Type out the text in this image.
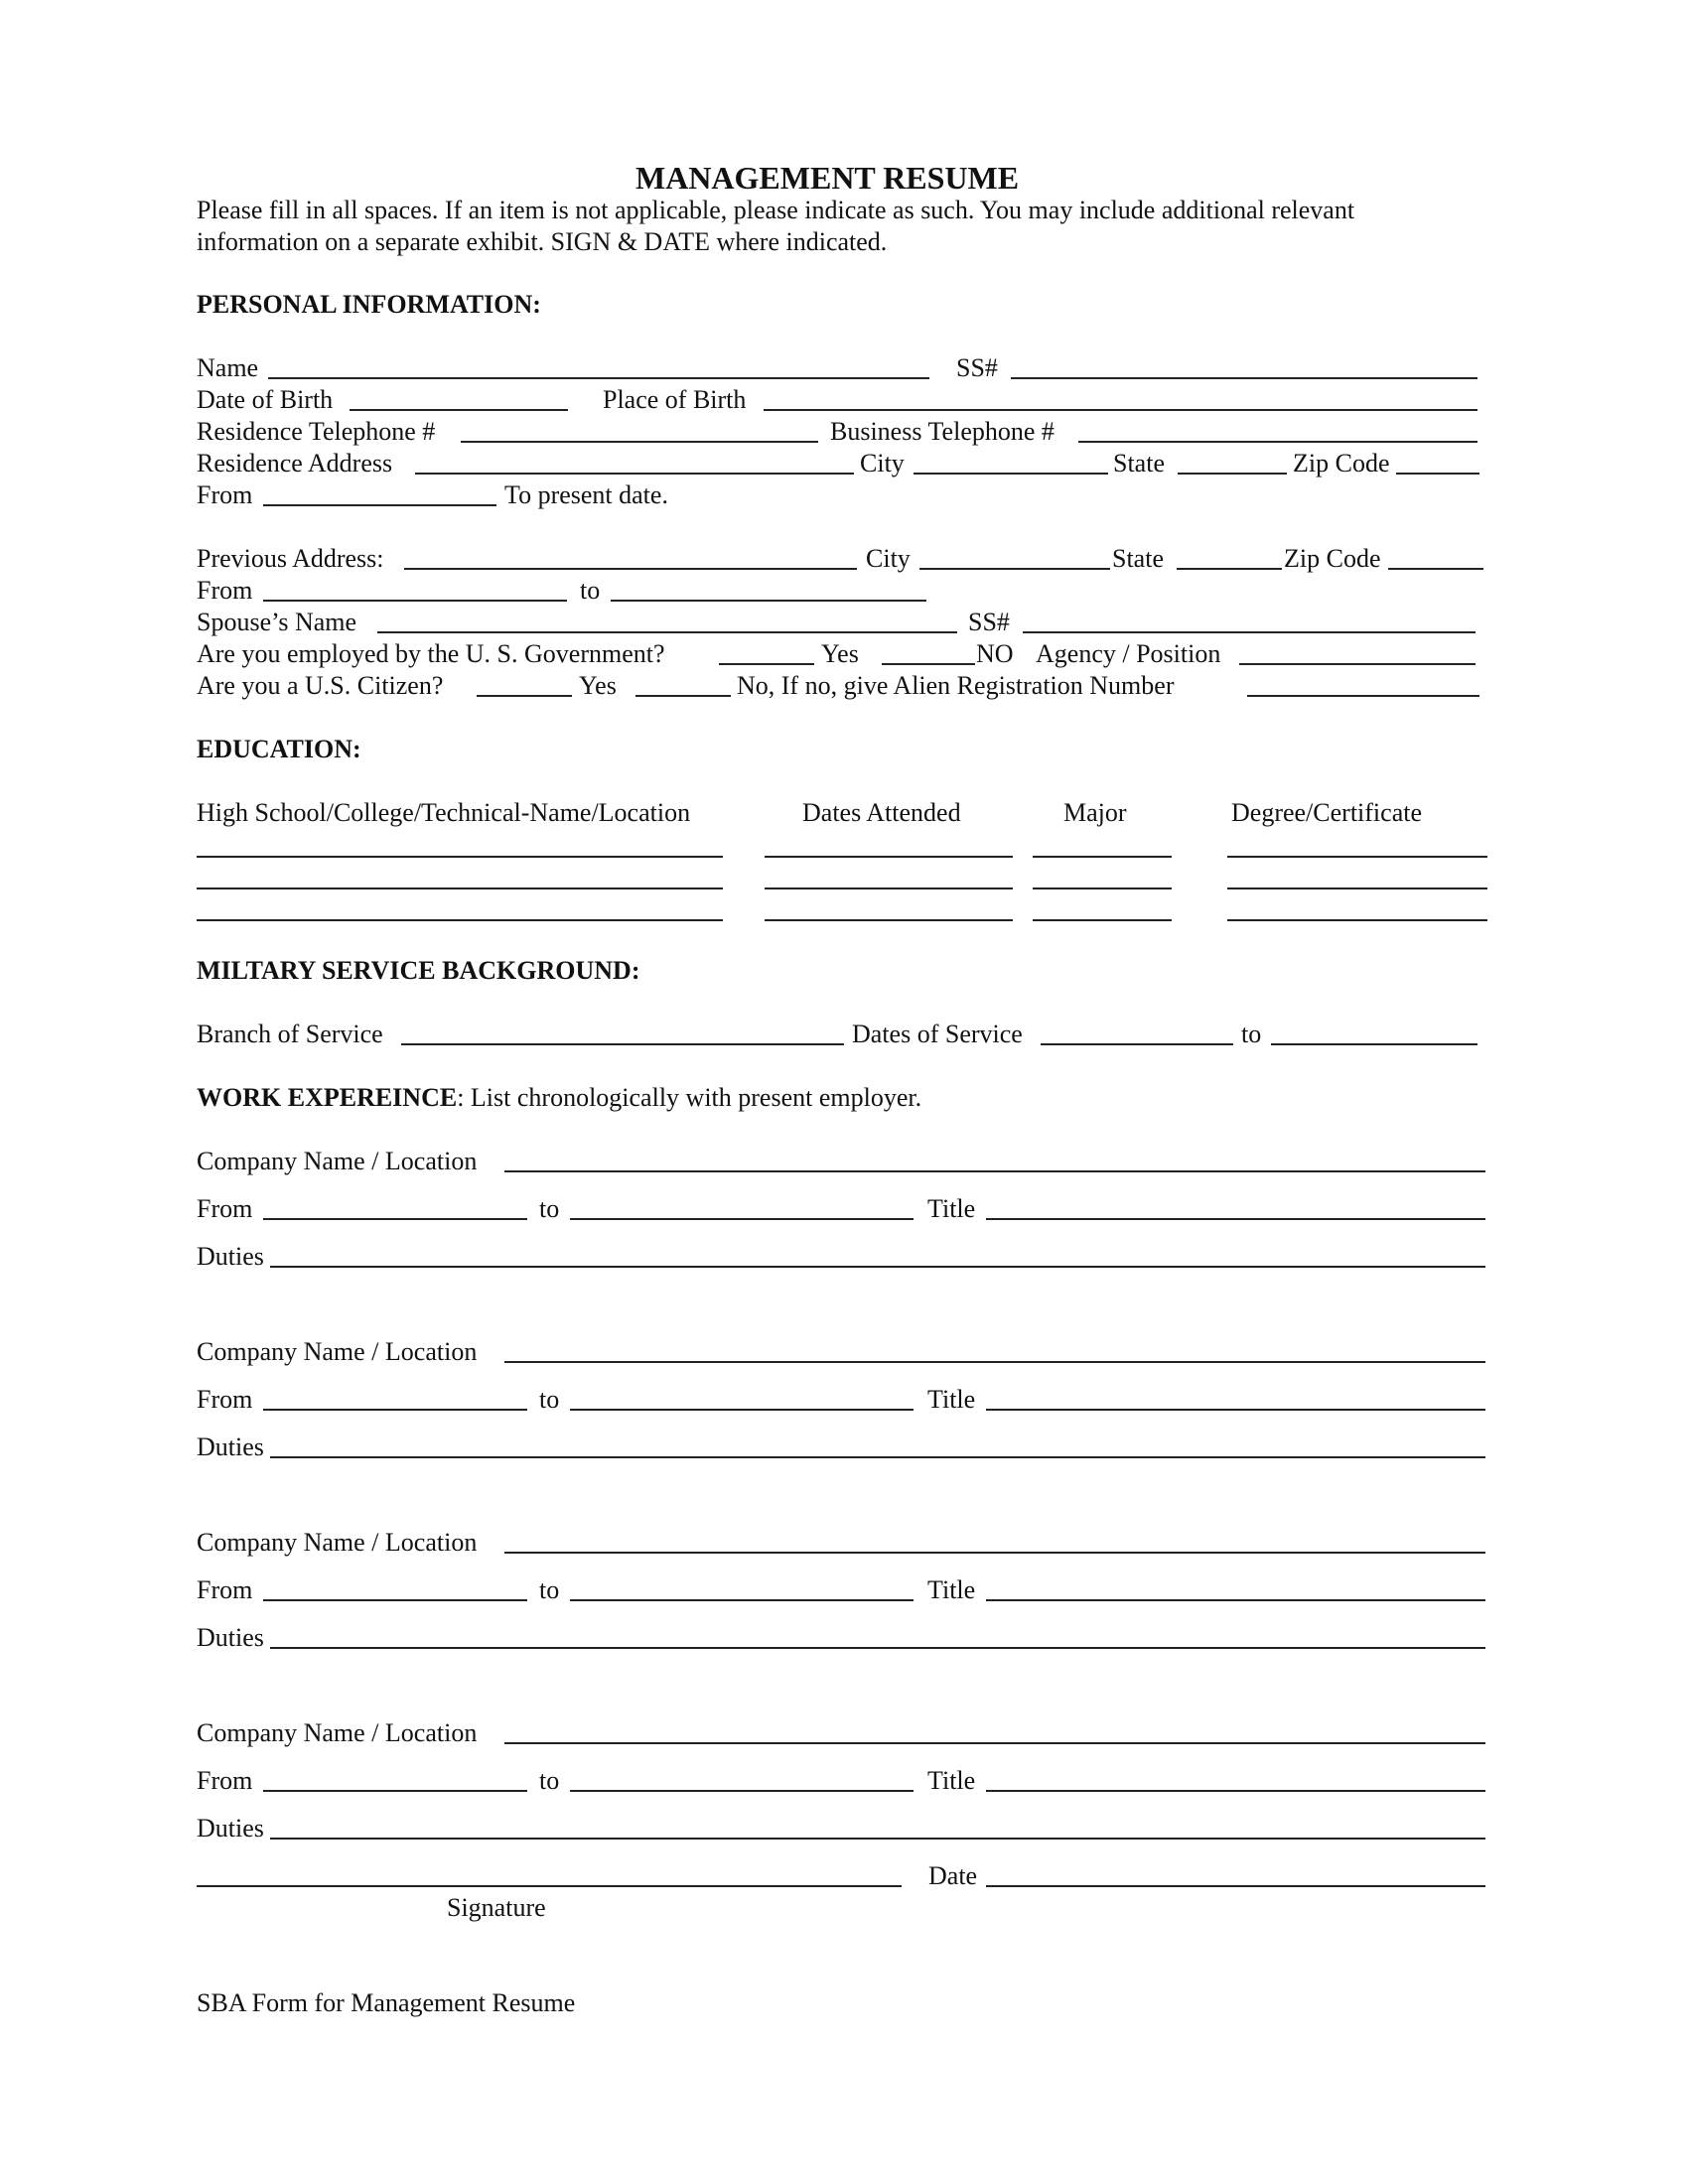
MANAGEMENT RESUME
Please fill in all spaces. If an item is not applicable, please indicate as such. You may include additional relevant
information on a separate exhibit. SIGN & DATE where indicated.
PERSONAL INFORMATION:
Name	SS#
Date of Birth	Place of Birth
Residence Telephone #	Business Telephone #
Residence Address	City	State	Zip Code
From	To present date.
Previous Address:	City	State	Zip Code
From	to
Spouse’s Name	SS#
Are you employed by the U. S. Government?	Yes	NO Agency / Position
Are you a U.S. Citizen?	Yes	No, If no, give Alien Registration Number
EDUCATION:
High School/College/Technical-Name/Location	Dates Attended	Major	Degree/Certificate
MILTARY SERVICE BACKGROUND:
Branch of Service	Dates of Service	to
WORK EXPEREINCE: List chronologically with present employer.
Company Name / Location
From	to	Title
Duties
Company Name / Location
From	to	Title
Duties
Company Name / Location
From	to	Title
Duties
Company Name / Location
From	to	Title
Duties
Date
Signature
SBA Form for Management Resume
